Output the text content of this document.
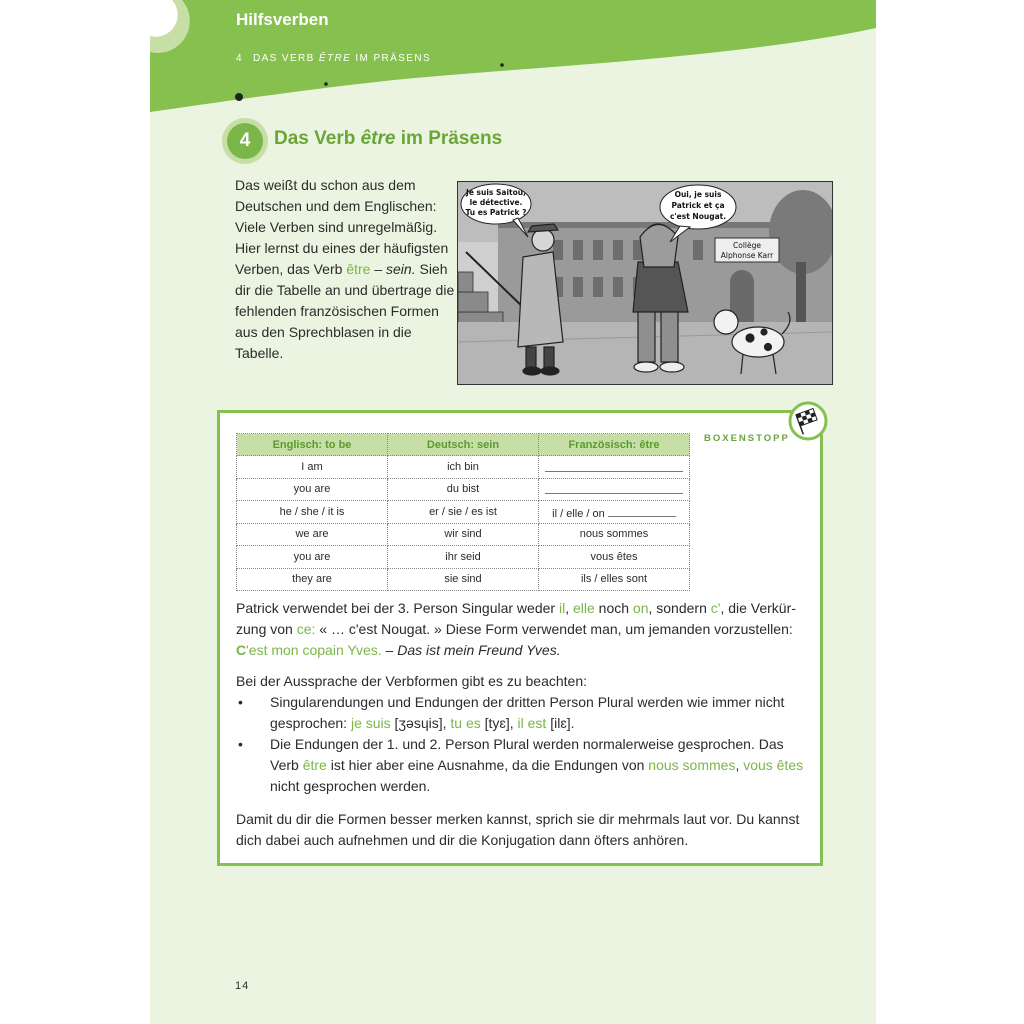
Hilfsverben
4 DAS VERB ÊTRE IM PRÄSENS
4	Das Verb être im Präsens
Das weißt du schon aus dem Deutschen und dem Englischen: Viele Verben sind unregelmäßig. Hier lernst du eines der häufigsten Verben, das Verb être – sein. Sieh dir die Tabelle an und übertrage die fehlenden französischen Formen aus den Sprechblasen in die Tabelle.
Collège
Alphonse Karr
Je suis Saitou,
le détective.
Tu es Patrick ?
Oui, je suis
Patrick et ça
c'est Nougat.
BOXENSTOPP
Englisch: to be	Deutsch: sein	Französisch: être
I am	ich bin	
you are	du bist	
he / she / it is	er / sie / es ist	il / elle / on
we are	wir sind	nous sommes
you are	ihr seid	vous êtes
they are	sie sind	ils / elles sont
Patrick verwendet bei der 3. Person Singular weder il, elle noch on, sondern c', die Verkürzung von ce: « … c'est Nougat. » Diese Form verwendet man, um jemanden vorzustellen: C'est mon copain Yves. – Das ist mein Freund Yves.
Bei der Aussprache der Verbformen gibt es zu beachten:
• Singularendungen und Endungen der dritten Person Plural werden wie immer nicht gesprochen: je suis [ʒəsɥis], tu es [tyɛ], il est [ilɛ].
• Die Endungen der 1. und 2. Person Plural werden normalerweise gesprochen. Das Verb être ist hier aber eine Ausnahme, da die Endungen von nous sommes, vous êtes nicht gesprochen werden.
Damit du dir die Formen besser merken kannst, sprich sie dir mehrmals laut vor. Du kannst dich dabei auch aufnehmen und dir die Konjugation dann öfters anhören.
14
